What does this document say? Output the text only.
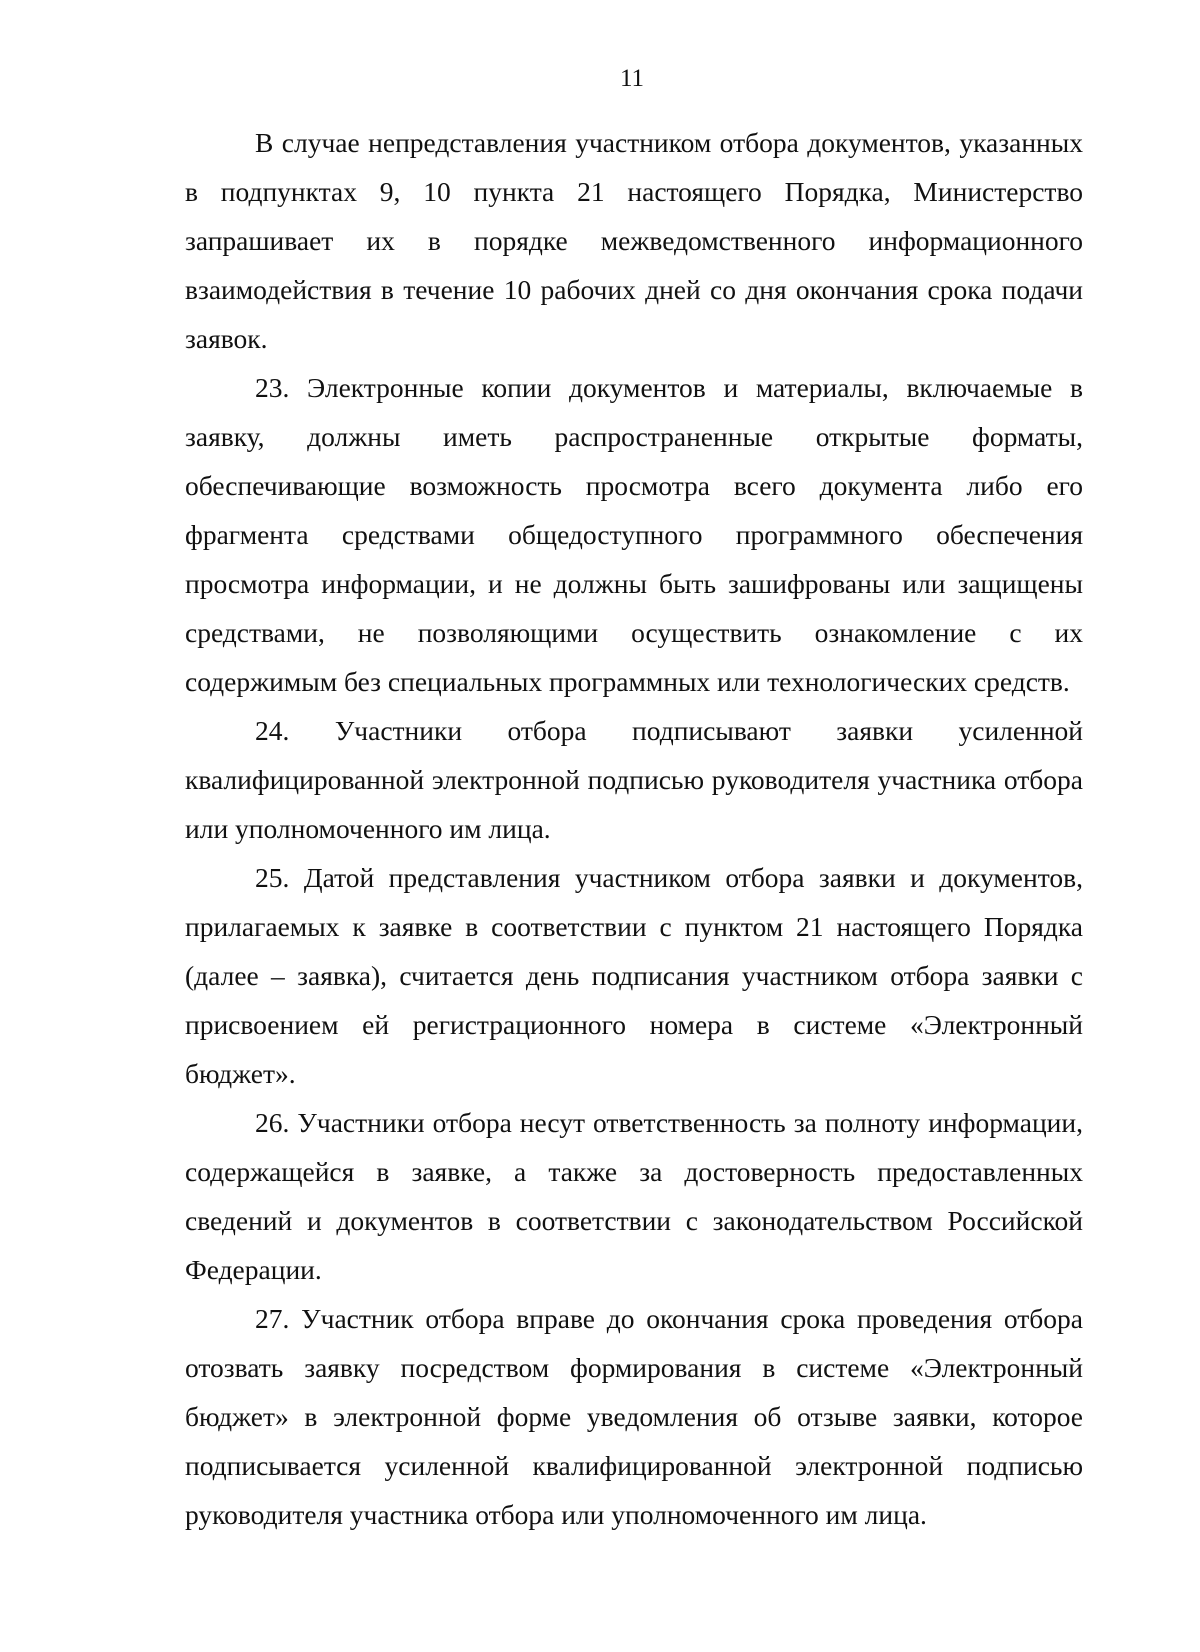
11

В случае непредставления участником отбора документов, указанных в подпунктах 9, 10 пункта 21 настоящего Порядка, Министерство запрашивает их в порядке межведомственного информационного взаимодействия в течение 10 рабочих дней со дня окончания срока подачи заявок.

23. Электронные копии документов и материалы, включаемые в заявку, должны иметь распространенные открытые форматы, обеспечивающие возможность просмотра всего документа либо его фрагмента средствами общедоступного программного обеспечения просмотра информации, и не должны быть зашифрованы или защищены средствами, не позволяющими осуществить ознакомление с их содержимым без специальных программных или технологических средств.

24. Участники отбора подписывают заявки усиленной квалифицированной электронной подписью руководителя участника отбора или уполномоченного им лица.

25. Датой представления участником отбора заявки и документов, прилагаемых к заявке в соответствии с пунктом 21 настоящего Порядка (далее – заявка), считается день подписания участником отбора заявки с присвоением ей регистрационного номера в системе «Электронный бюджет».

26. Участники отбора несут ответственность за полноту информации, содержащейся в заявке, а также за достоверность предоставленных сведений и документов в соответствии с законодательством Российской Федерации.

27. Участник отбора вправе до окончания срока проведения отбора отозвать заявку посредством формирования в системе «Электронный бюджет» в электронной форме уведомления об отзыве заявки, которое подписывается усиленной квалифицированной электронной подписью руководителя участника отбора или уполномоченного им лица.
